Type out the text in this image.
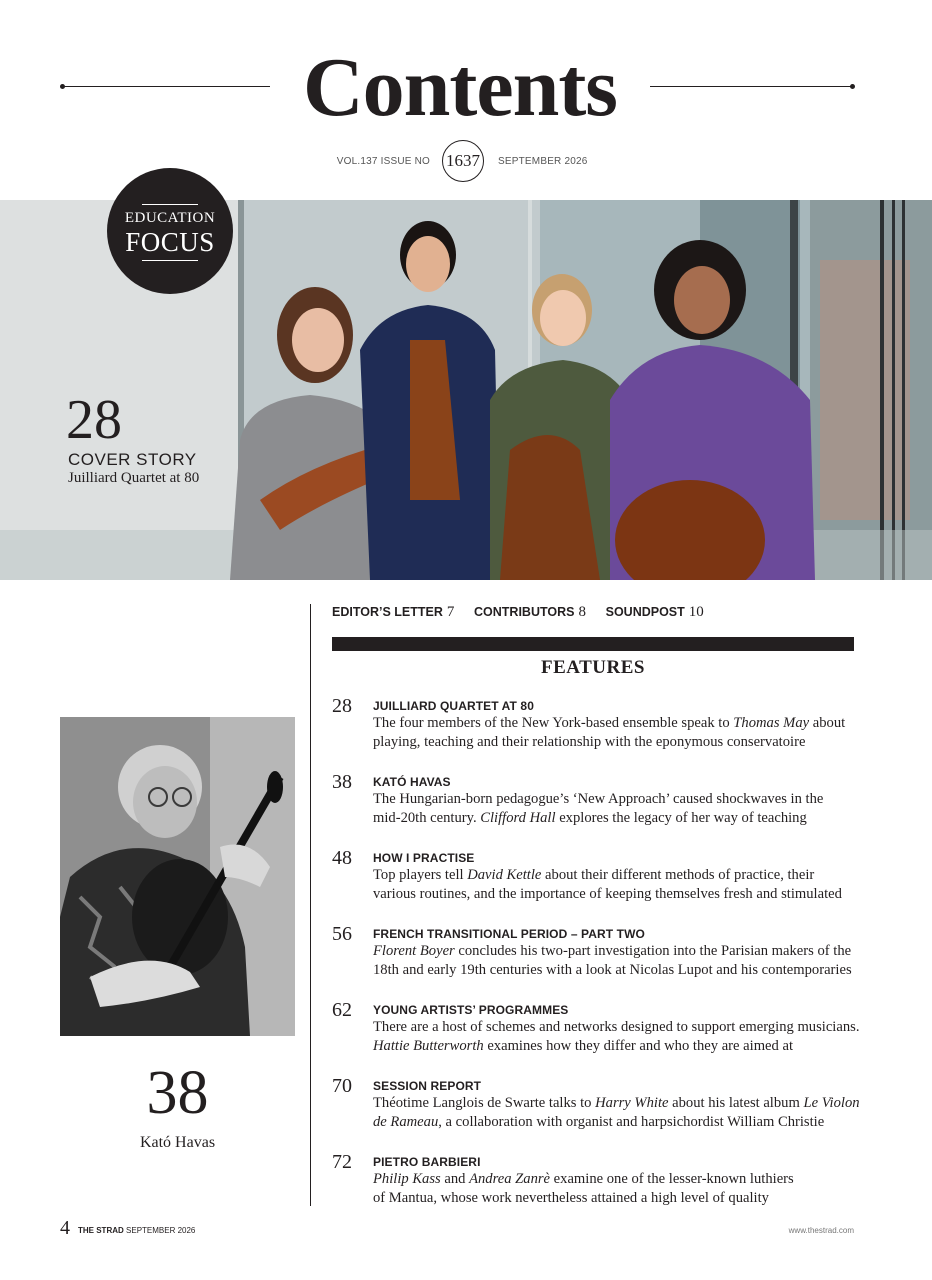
Contents
VOL.137 ISSUE NO 1637	SEPTEMBER 2026
EDUCATION
FOCUS
28
COVER STORY
Juilliard Quartet at 80
EDITOR’S LETTER 7 CONTRIBUTORS 8 SOUNDPOST 10
FEATURES
28 JUILLIARD QUARTET AT 80
The four members of the New York-based ensemble speak to Thomas May about
playing, teaching and their relationship with the eponymous conservatoire
38 KATÓ HAVAS
The Hungarian-born pedagogue’s ‘New Approach’ caused shockwaves in the
mid-20th century. Clifford Hall explores the legacy of her way of teaching
48 HOW I PRACTISE
Top players tell David Kettle about their different methods of practice, their
various routines, and the importance of keeping themselves fresh and stimulated
56 FRENCH TRANSITIONAL PERIOD – PART TWO
Florent Boyer concludes his two-part investigation into the Parisian makers of the
18th and early 19th centuries with a look at Nicolas Lupot and his contemporaries
62 YOUNG ARTISTS’ PROGRAMMES
There are a host of schemes and networks designed to support emerging musicians.
Hattie Butterworth examines how they differ and who they are aimed at
70 SESSION REPORT
Théotime Langlois de Swarte talks to Harry White about his latest album Le Violon
de Rameau, a collaboration with organist and harpsichordist William Christie
72 PIETRO BARBIERI
Philip Kass and Andrea Zanrè examine one of the lesser-known luthiers
of Mantua, whose work nevertheless attained a high level of quality
38
Kató Havas
4 THE STRAD SEPTEMBER 2026	www.thestrad.com
